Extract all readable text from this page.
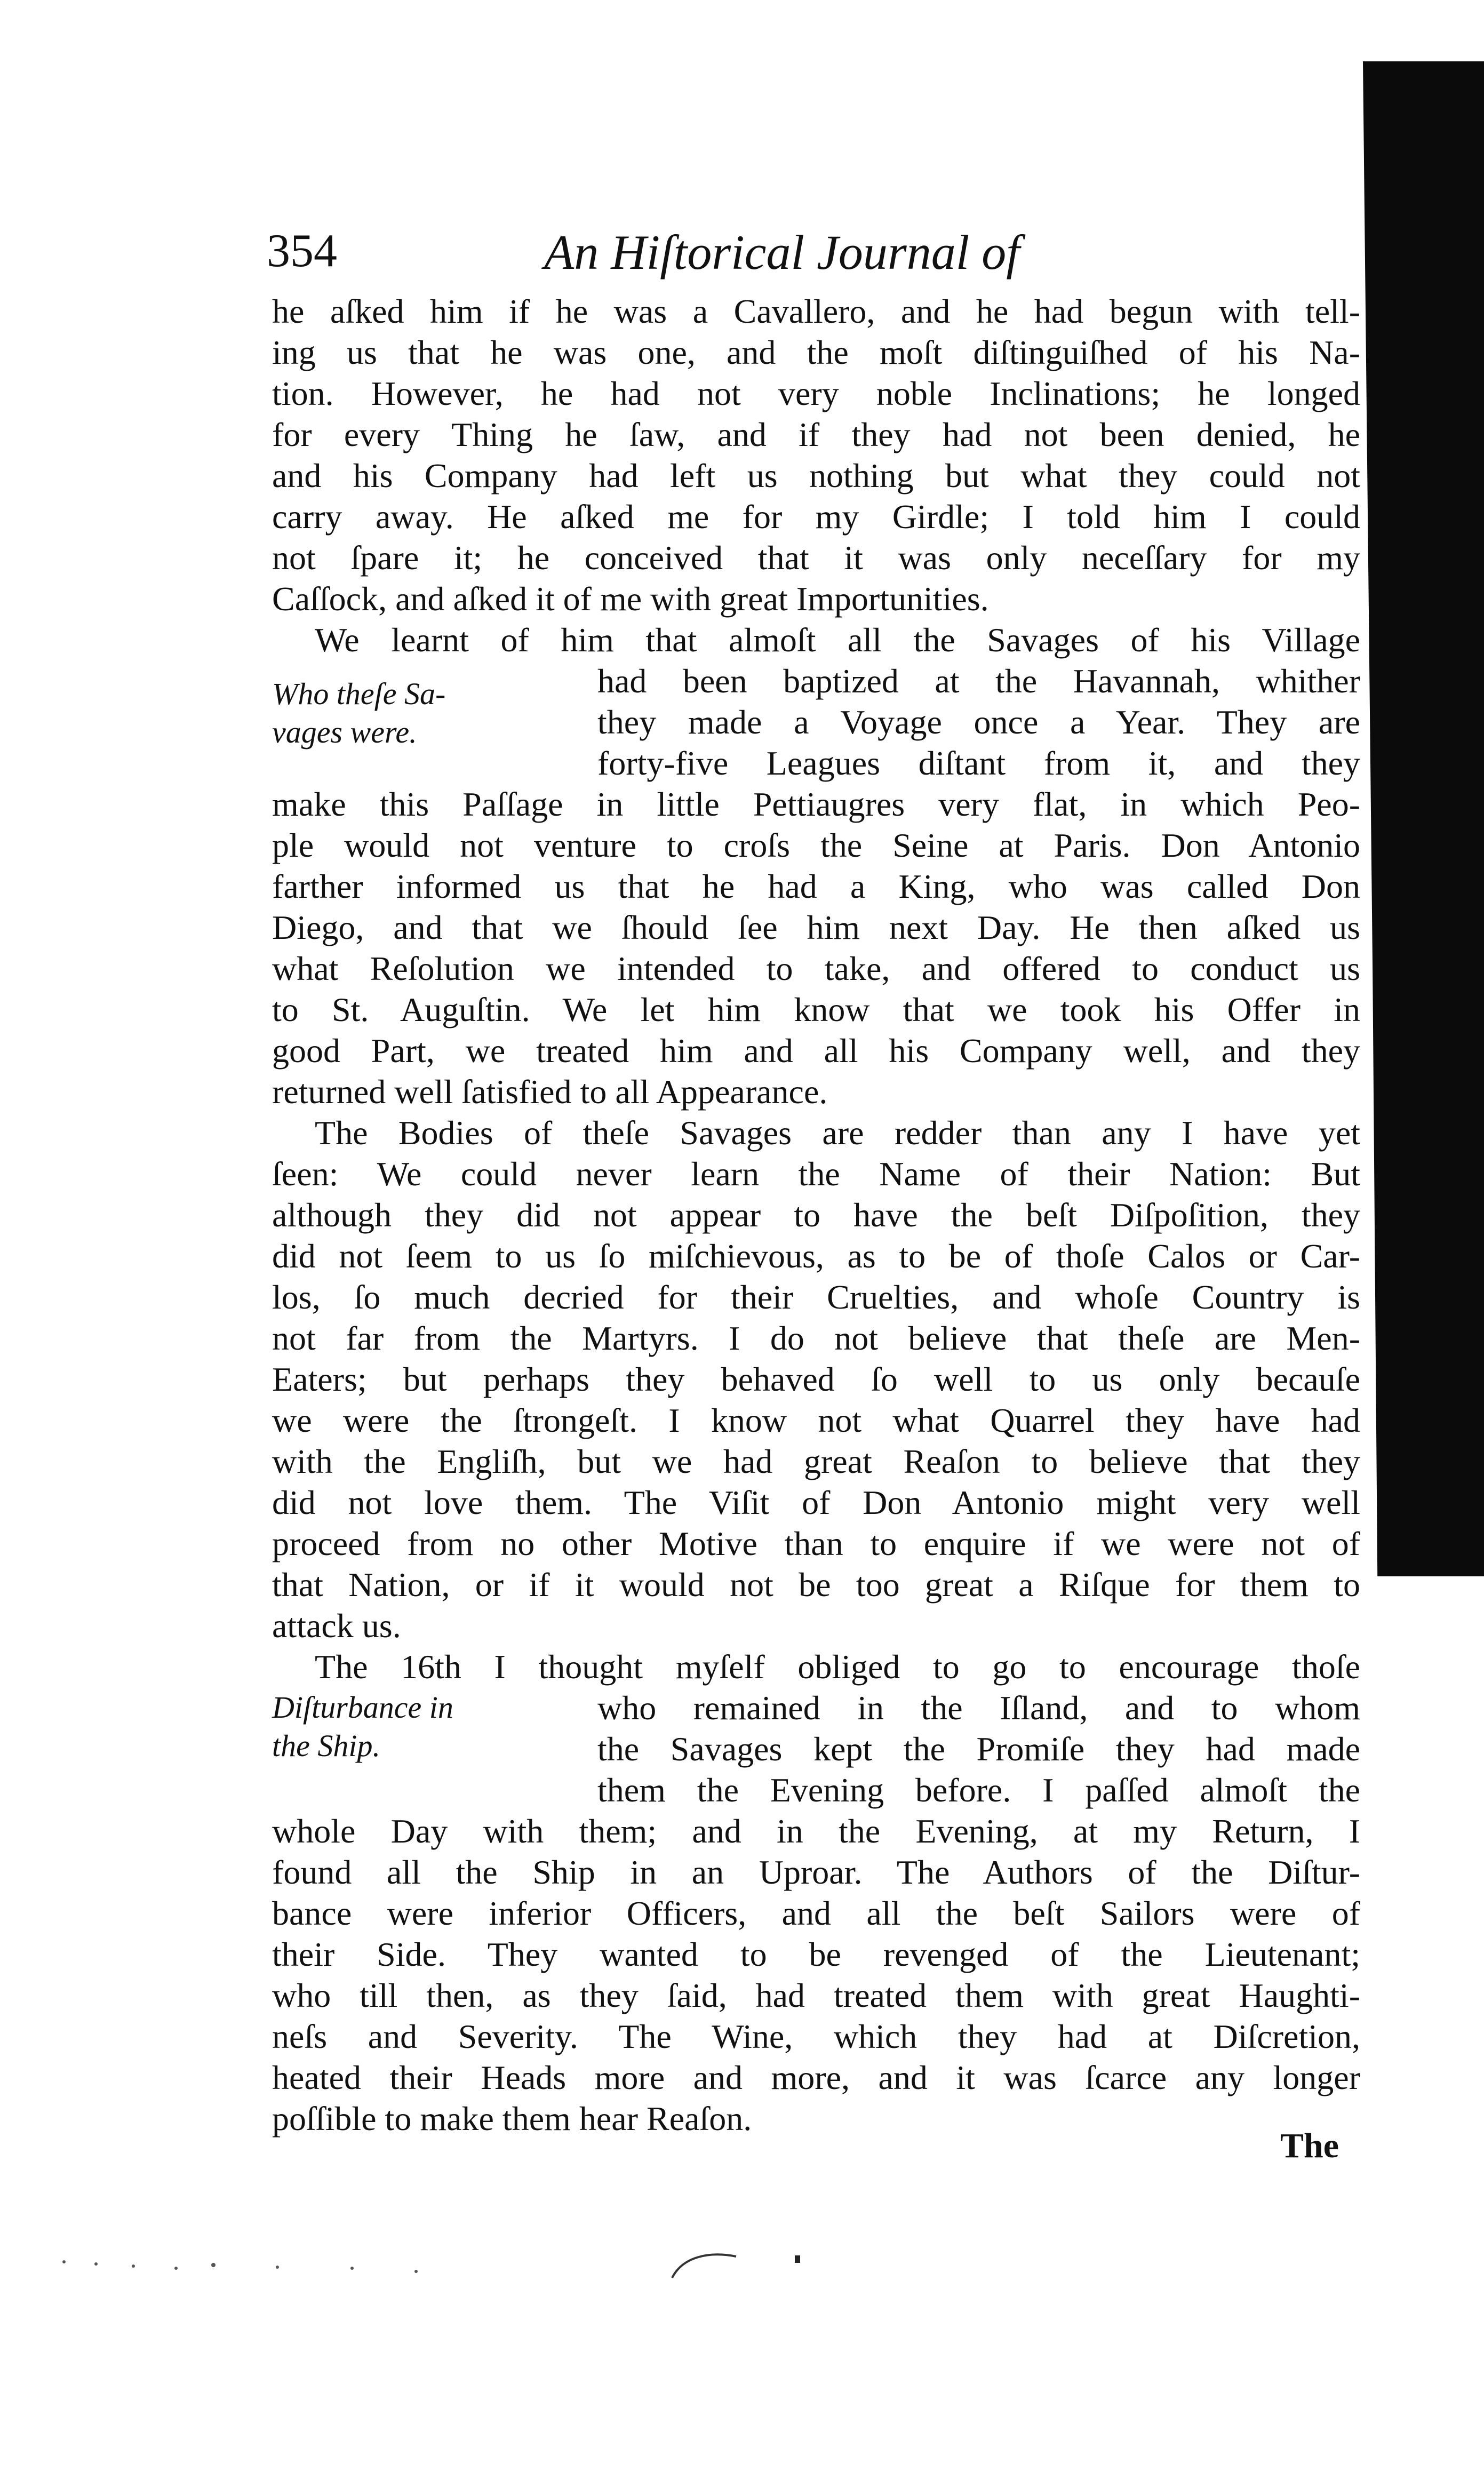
354	An Hiſtorical Journal of
Who theſe Sa-
vages were.
Diſturbance in
the Ship.
he aſked him if he was a Cavallero, and he had begun with tell-
ing us that he was one, and the moſt diſtinguiſhed of his Na-
tion. However, he had not very noble Inclinations; he longed
for every Thing he ſaw, and if they had not been denied, he
and his Company had left us nothing but what they could not
carry away. He aſked me for my Girdle; I told him I could
not ſpare it; he conceived that it was only neceſſary for my
Caſſock, and aſked it of me with great Importunities.
We learnt of him that almoſt all the Savages of his Village
had been baptized at the Havannah, whither
they made a Voyage once a Year. They are
forty-five Leagues diſtant from it, and they
make this Paſſage in little Pettiaugres very flat, in which Peo-
ple would not venture to croſs the Seine at Paris. Don Antonio
farther informed us that he had a King, who was called Don
Diego, and that we ſhould ſee him next Day. He then aſked us
what Reſolution we intended to take, and offered to conduct us
to St. Auguſtin. We let him know that we took his Offer in
good Part, we treated him and all his Company well, and they
returned well ſatisfied to all Appearance.
The Bodies of theſe Savages are redder than any I have yet
ſeen: We could never learn the Name of their Nation: But
although they did not appear to have the beſt Diſpoſition, they
did not ſeem to us ſo miſchievous, as to be of thoſe Calos or Car-
los, ſo much decried for their Cruelties, and whoſe Country is
not far from the Martyrs. I do not believe that theſe are Men-
Eaters; but perhaps they behaved ſo well to us only becauſe
we were the ſtrongeſt. I know not what Quarrel they have had
with the Engliſh, but we had great Reaſon to believe that they
did not love them. The Viſit of Don Antonio might very well
proceed from no other Motive than to enquire if we were not of
that Nation, or if it would not be too great a Riſque for them to
attack us.
The 16th I thought myſelf obliged to go to encourage thoſe
who remained in the Iſland, and to whom
the Savages kept the Promiſe they had made
them the Evening before. I paſſed almoſt the
whole Day with them; and in the Evening, at my Return, I
found all the Ship in an Uproar. The Authors of the Diſtur-
bance were inferior Officers, and all the beſt Sailors were of
their Side. They wanted to be revenged of the Lieutenant;
who till then, as they ſaid, had treated them with great Haughti-
neſs and Severity. The Wine, which they had at Diſcretion,
heated their Heads more and more, and it was ſcarce any longer
poſſible to make them hear Reaſon.
The
